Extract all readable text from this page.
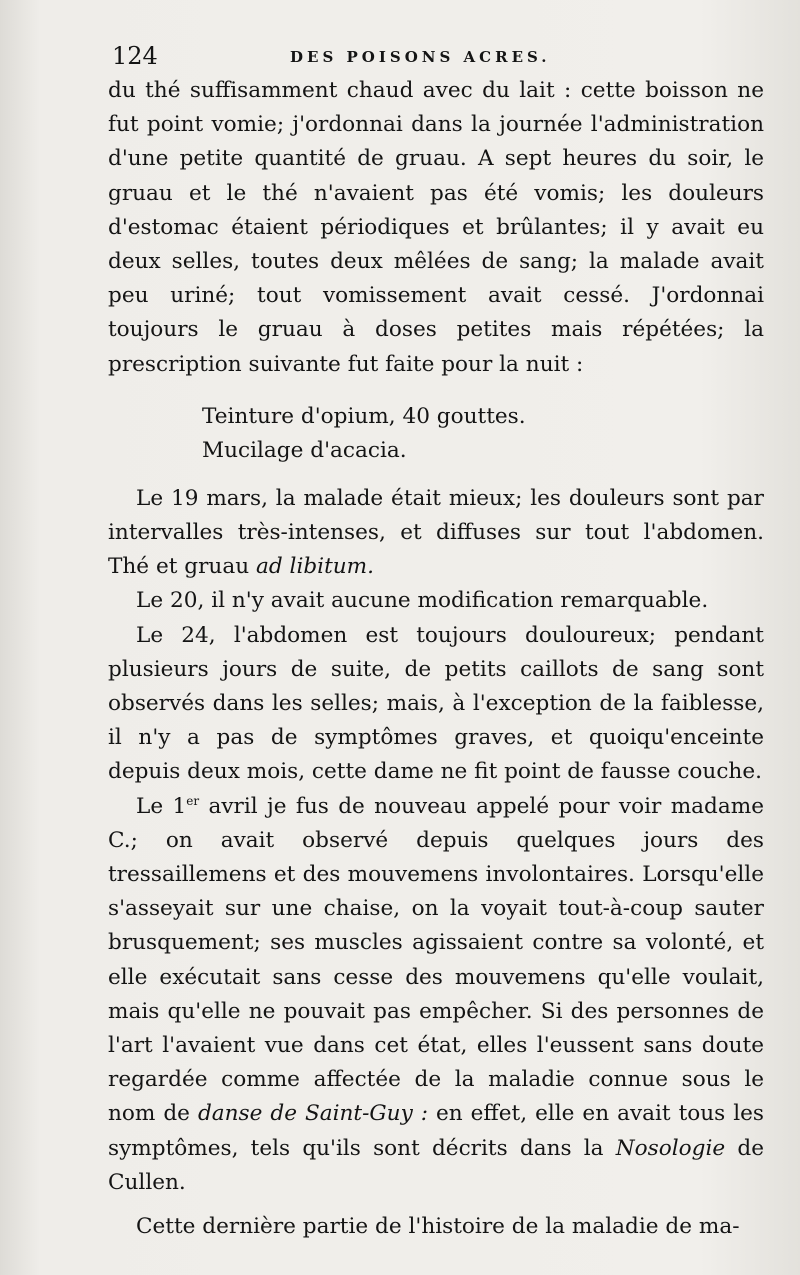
124	DES POISONS ACRES.

du thé suffisamment chaud avec du lait : cette boisson ne fut point vomie; j'ordonnai dans la journée l'administration d'une petite quantité de gruau. A sept heures du soir, le gruau et le thé n'avaient pas été vomis; les douleurs d'estomac étaient périodiques et brûlantes; il y avait eu deux selles, toutes deux mêlées de sang; la malade avait peu uriné; tout vomissement avait cessé. J'ordonnai toujours le gruau à doses petites mais répétées; la prescription suivante fut faite pour la nuit :

Teinture d'opium, 40 gouttes.
Mucilage d'acacia.

Le 19 mars, la malade était mieux; les douleurs sont par intervalles très-intenses, et diffuses sur tout l'abdomen. Thé et gruau ad libitum.

Le 20, il n'y avait aucune modification remarquable.

Le 24, l'abdomen est toujours douloureux; pendant plusieurs jours de suite, de petits caillots de sang sont observés dans les selles; mais, à l'exception de la faiblesse, il n'y a pas de symptômes graves, et quoiqu'enceinte depuis deux mois, cette dame ne fit point de fausse couche.

Le 1er avril je fus de nouveau appelé pour voir madame C.; on avait observé depuis quelques jours des tressaillemens et des mouvemens involontaires. Lorsqu'elle s'asseyait sur une chaise, on la voyait tout-à-coup sauter brusquement; ses muscles agissaient contre sa volonté, et elle exécutait sans cesse des mouvemens qu'elle voulait, mais qu'elle ne pouvait pas empêcher. Si des personnes de l'art l'avaient vue dans cet état, elles l'eussent sans doute regardée comme affectée de la maladie connue sous le nom de danse de Saint-Guy : en effet, elle en avait tous les symptômes, tels qu'ils sont décrits dans la Nosologie de Cullen.

Cette dernière partie de l'histoire de la maladie de ma-
